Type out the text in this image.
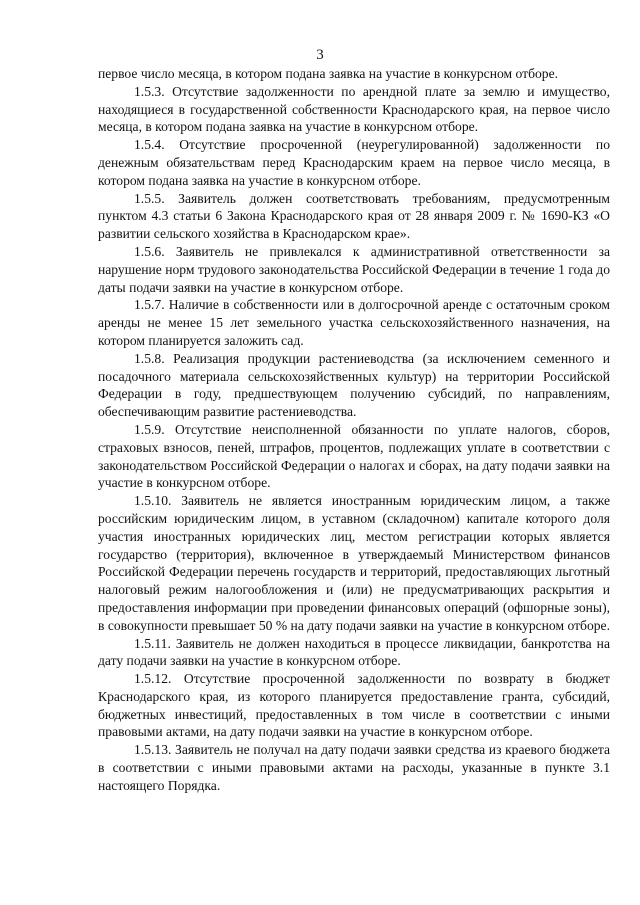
3

первое число месяца, в котором подана заявка на участие в конкурсном отборе.

1.5.3. Отсутствие задолженности по арендной плате за землю и имущество, находящиеся в государственной собственности Краснодарского края, на первое число месяца, в котором подана заявка на участие в конкурсном отборе.

1.5.4. Отсутствие просроченной (неурегулированной) задолженности по денежным обязательствам перед Краснодарским краем на первое число месяца, в котором подана заявка на участие в конкурсном отборе.

1.5.5. Заявитель должен соответствовать требованиям, предусмотренным пунктом 4.3 статьи 6 Закона Краснодарского края от 28 января 2009 г. № 1690-КЗ «О развитии сельского хозяйства в Краснодарском крае».

1.5.6. Заявитель не привлекался к административной ответственности за нарушение норм трудового законодательства Российской Федерации в течение 1 года до даты подачи заявки на участие в конкурсном отборе.

1.5.7. Наличие в собственности или в долгосрочной аренде с остаточным сроком аренды не менее 15 лет земельного участка сельскохозяйственного назначения, на котором планируется заложить сад.

1.5.8. Реализация продукции растениеводства (за исключением семенного и посадочного материала сельскохозяйственных культур) на территории Российской Федерации в году, предшествующем получению субсидий, по направлениям, обеспечивающим развитие растениеводства.

1.5.9. Отсутствие неисполненной обязанности по уплате налогов, сборов, страховых взносов, пеней, штрафов, процентов, подлежащих уплате в соответствии с законодательством Российской Федерации о налогах и сборах, на дату подачи заявки на участие в конкурсном отборе.

1.5.10. Заявитель не является иностранным юридическим лицом, а также российским юридическим лицом, в уставном (складочном) капитале которого доля участия иностранных юридических лиц, местом регистрации которых является государство (территория), включенное в утверждаемый Министерством финансов Российской Федерации перечень государств и территорий, предоставляющих льготный налоговый режим налогообложения и (или) не предусматривающих раскрытия и предоставления информации при проведении финансовых операций (офшорные зоны), в совокупности превышает 50 % на дату подачи заявки на участие в конкурсном отборе.

1.5.11. Заявитель не должен находиться в процессе ликвидации, банкротства на дату подачи заявки на участие в конкурсном отборе.

1.5.12. Отсутствие просроченной задолженности по возврату в бюджет Краснодарского края, из которого планируется предоставление гранта, субсидий, бюджетных инвестиций, предоставленных в том числе в соответствии с иными правовыми актами, на дату подачи заявки на участие в конкурсном отборе.

1.5.13. Заявитель не получал на дату подачи заявки средства из краевого бюджета в соответствии с иными правовыми актами на расходы, указанные в пункте 3.1 настоящего Порядка.
